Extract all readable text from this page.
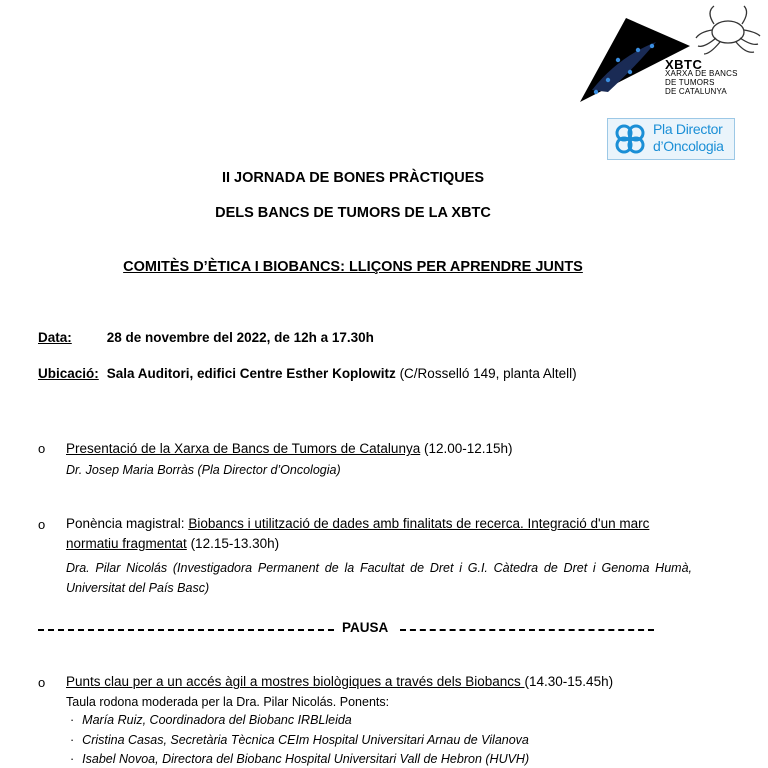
XBTC
XARXA DE BANCS
DE TUMORS
DE CATALUNYA
Pla Director
d’Oncologia
II JORNADA DE BONES PRÀCTIQUES
DELS BANCS DE TUMORS DE LA XBTC
COMITÈS D’ÈTICA I BIOBANCS: LLIÇONS PER APRENDRE JUNTS
Data:	28 de novembre del 2022, de 12h a 17.30h
Ubicació: Sala Auditori, edifici Centre Esther Koplowitz (C/Rosselló 149, planta Altell)
o Presentació de la Xarxa de Bancs de Tumors de Catalunya (12.00-12.15h)
Dr. Josep Maria Borràs (Pla Director d’Oncologia)
o Ponència magistral: Biobancs i utilització de dades amb finalitats de recerca. Integració d'un marc normatiu fragmentat (12.15-13.30h)
Dra. Pilar Nicolás (Investigadora Permanent de la Facultat de Dret i G.I. Càtedra de Dret i Genoma Humà, Universitat del País Basc)
PAUSA
o Punts clau per a un accés àgil a mostres biològiques a través dels Biobancs (14.30-15.45h)
Taula rodona moderada per la Dra. Pilar Nicolás. Ponents:
· María Ruiz, Coordinadora del Biobanc IRBLleida
· Cristina Casas, Secretària Tècnica CEIm Hospital Universitari Arnau de Vilanova
· Isabel Novoa, Directora del Biobanc Hospital Universitari Vall de Hebron (HUVH)
